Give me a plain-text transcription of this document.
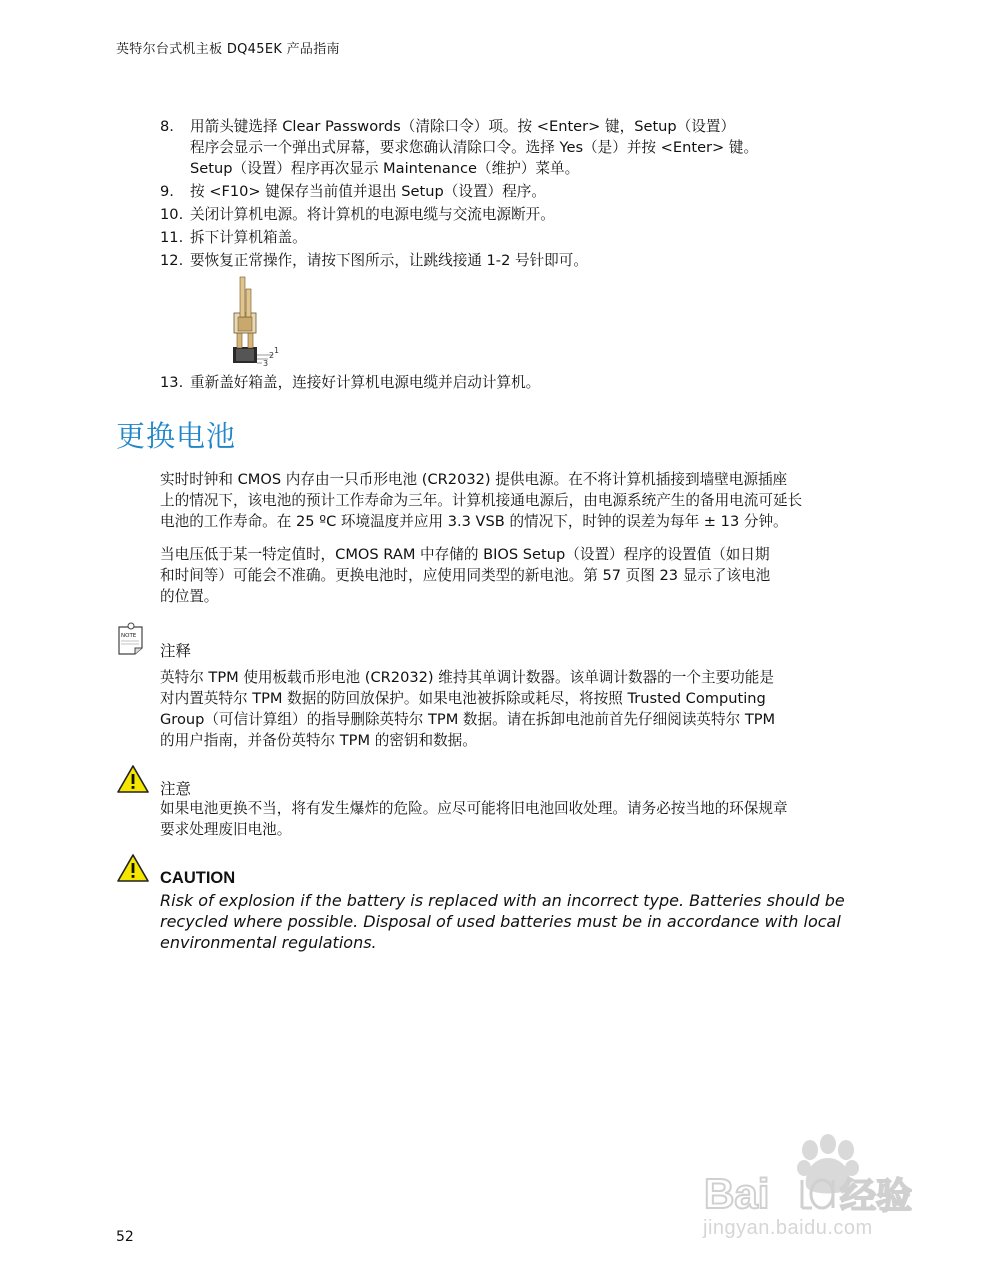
英特尔台式机主板 DQ45EK 产品指南
8.	用箭头键选择 Clear Passwords（清除口令）项。按 <Enter> 键，Setup（设置）
程序会显示一个弹出式屏幕，要求您确认清除口令。选择 Yes（是）并按 <Enter> 键。
Setup（设置）程序再次显示 Maintenance（维护）菜单。
9.	按 <F10> 键保存当前值并退出 Setup（设置）程序。
10. 关闭计算机电源。将计算机的电源电缆与交流电源断开。
11. 拆下计算机箱盖。
12. 要恢复正常操作，请按下图所示，让跳线接通 1-2 号针即可。
13. 重新盖好箱盖，连接好计算机电源电缆并启动计算机。
1
2
3
更换电池
实时时钟和 CMOS 内存由一只币形电池 (CR2032) 提供电源。在不将计算机插接到墙壁电源插座
上的情况下，该电池的预计工作寿命为三年。计算机接通电源后，由电源系统产生的备用电流可延长
电池的工作寿命。在 25 ºC 环境温度并应用 3.3 VSB 的情况下，时钟的误差为每年 ± 13 分钟。
当电压低于某一特定值时，CMOS RAM 中存储的 BIOS Setup（设置）程序的设置值（如日期
和时间等）可能会不准确。更换电池时，应使用同类型的新电池。第 57 页图 23 显示了该电池
的位置。
NOTE
注释
英特尔 TPM 使用板载币形电池 (CR2032) 维持其单调计数器。该单调计数器的一个主要功能是
对内置英特尔 TPM 数据的防回放保护。如果电池被拆除或耗尽，将按照 Trusted Computing
Group（可信计算组）的指导删除英特尔 TPM 数据。请在拆卸电池前首先仔细阅读英特尔 TPM
的用户指南，并备份英特尔 TPM 的密钥和数据。
注意
如果电池更换不当，将有发生爆炸的危险。应尽可能将旧电池回收处理。请务必按当地的环保规章
要求处理废旧电池。
CAUTION
Risk of explosion if the battery is replaced with an incorrect type. Batteries should be
recycled where possible. Disposal of used batteries must be in accordance with local
environmental regulations.
52
Bai 经验
jingyan.baidu.com
